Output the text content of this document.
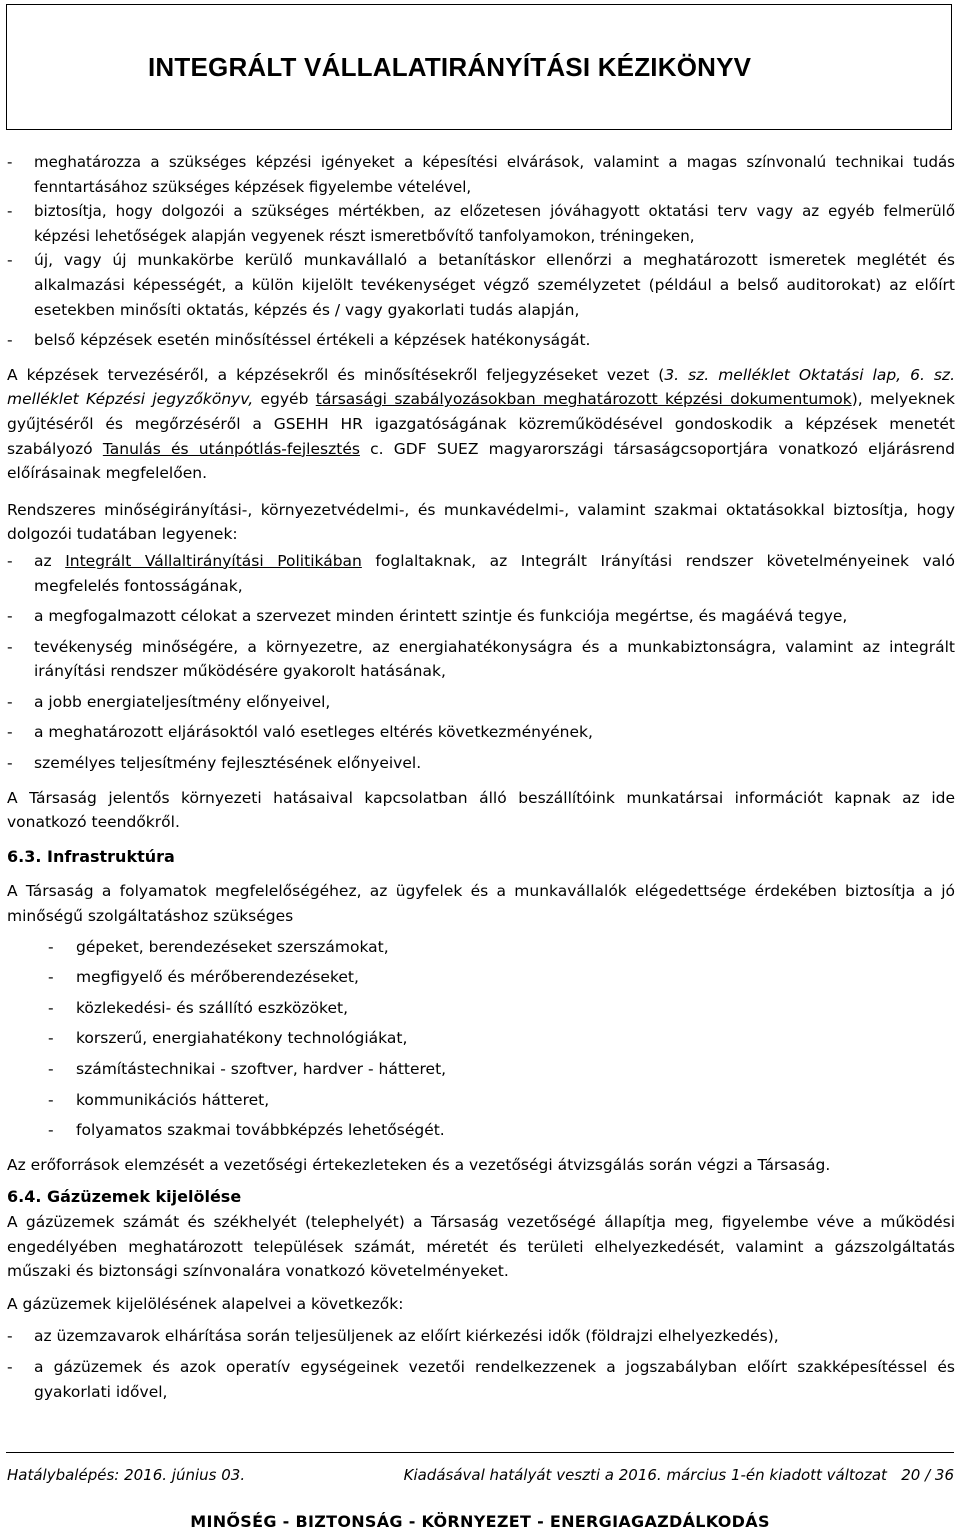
INTEGRÁLT VÁLLALATIRÁNYÍTÁSI KÉZIKÖNYV
- meghatározza a szükséges képzési igényeket a képesítési elvárások, valamint a magas színvonalú technikai tudás fenntartásához szükséges képzések figyelembe vételével,
- biztosítja, hogy dolgozói a szükséges mértékben, az előzetesen jóváhagyott oktatási terv vagy az egyéb felmerülő képzési lehetőségek alapján vegyenek részt ismeretbővítő tanfolyamokon, tréningeken,
- új, vagy új munkakörbe kerülő munkavállaló a betanításkor ellenőrzi a meghatározott ismeretek meglétét és alkalmazási képességét, a külön kijelölt tevékenységet végző személyzetet (például a belső auditorokat) az előírt esetekben minősíti oktatás, képzés és / vagy gyakorlati tudás alapján,
- belső képzések esetén minősítéssel értékeli a képzések hatékonyságát.

A képzések tervezéséről, a képzésekről és minősítésekről feljegyzéseket vezet (3. sz. melléklet Oktatási lap, 6. sz. melléklet Képzési jegyzőkönyv, egyéb társasági szabályozásokban meghatározott képzési dokumentumok), melyeknek gyűjtéséről és megőrzéséről a GSEHH HR igazgatóságának közreműködésével gondoskodik a képzések menetét szabályozó Tanulás és utánpótlás-fejlesztés c. GDF SUEZ magyarországi társaságcsoportjára vonatkozó eljárásrend előírásainak megfelelően.

Rendszeres minőségirányítási-, környezetvédelmi-, és munkavédelmi-, valamint szakmai oktatásokkal biztosítja, hogy dolgozói tudatában legyenek:

- az Integrált Vállaltirányítási Politikában foglaltaknak, az Integrált Irányítási rendszer követelményeinek való megfelelés fontosságának,
- a megfogalmazott célokat a szervezet minden érintett szintje és funkciója megértse, és magáévá tegye,
- tevékenység minőségére, a környezetre, az energiahatékonyságra és a munkabiztonságra, valamint az integrált irányítási rendszer működésére gyakorolt hatásának,
- a jobb energiateljesítmény előnyeivel,
- a meghatározott eljárásoktól való esetleges eltérés következményének,
- személyes teljesítmény fejlesztésének előnyeivel.

A Társaság jelentős környezeti hatásaival kapcsolatban álló beszállítóink munkatársai információt kapnak az ide vonatkozó teendőkről.

6.3. Infrastruktúra

A Társaság a folyamatok megfelelőségéhez, az ügyfelek és a munkavállalók elégedettsége érdekében biztosítja a jó minőségű szolgáltatáshoz szükséges

- gépeket, berendezéseket szerszámokat,
- megfigyelő és mérőberendezéseket,
- közlekedési- és szállító eszközöket,
- korszerű, energiahatékony technológiákat,
- számítástechnikai - szoftver, hardver - hátteret,
- kommunikációs hátteret,
- folyamatos szakmai továbbképzés lehetőségét.

Az erőforrások elemzését a vezetőségi értekezleteken és a vezetőségi átvizsgálás során végzi a Társaság.

6.4. Gázüzemek kijelölése

A gázüzemek számát és székhelyét (telephelyét) a Társaság vezetőségé állapítja meg, figyelembe véve a működési engedélyében meghatározott települések számát, méretét és területi elhelyezkedését, valamint a gázszolgáltatás műszaki és biztonsági színvonalára vonatkozó követelményeket.

A gázüzemek kijelölésének alapelvei a következők:

- az üzemzavarok elhárítása során teljesüljenek az előírt kiérkezési idők (földrajzi elhelyezkedés),
- a gázüzemek és azok operatív egységeinek vezetői rendelkezzenek a jogszabályban előírt szakképesítéssel és gyakorlati idővel,
Hatálybalépés: 2016. június 03.	Kiadásával hatályát veszti a 2016. március 1-én kiadott változat   20 / 36
MINŐSÉG - BIZTONSÁG - KÖRNYEZET - ENERGIAGAZDÁLKODÁS
